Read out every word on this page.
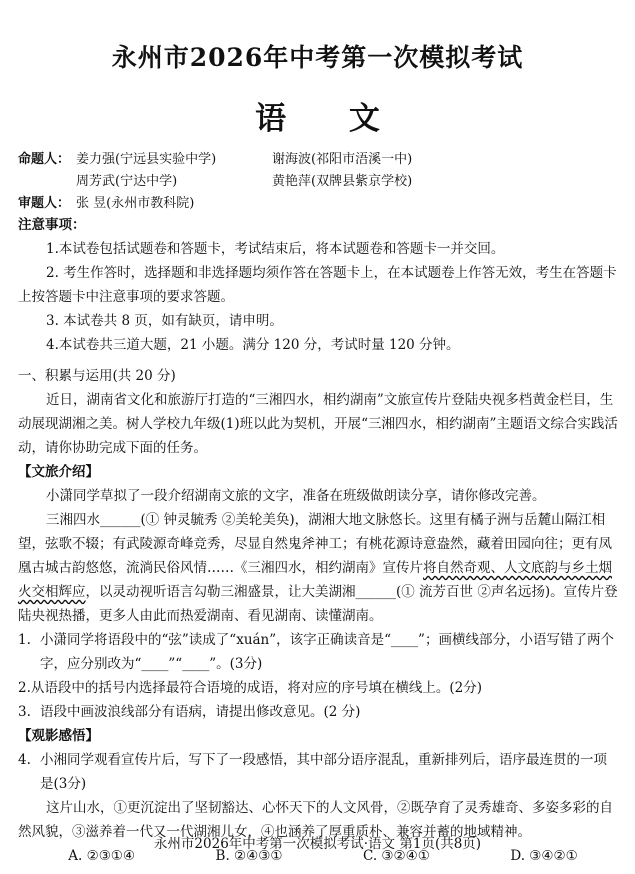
永州市2026年中考第一次模拟考试
语 文
命题人： 姜力强(宁远县实验中学)	谢海波(祁阳市浯溪一中)
周芳武(宁达中学)	黄艳萍(双牌县紫京学校)
审题人： 张 昱(永州市教科院)

注意事项：

1.本试卷包括试题卷和答题卡，考试结束后，将本试题卷和答题卡一并交回。

2. 考生作答时，选择题和非选择题均须作答在答题卡上，在本试题卷上作答无效，考生在答题卡上按答题卡中注意事项的要求答题。

3. 本试卷共 8 页，如有缺页，请申明。

4.本试卷共三道大题，21 小题。满分 120 分，考试时量 120 分钟。

一、积累与运用(共 20 分)

近日，湖南省文化和旅游厅打造的“三湘四水，相约湖南”文旅宣传片登陆央视多档黄金栏目，生动展现湖湘之美。树人学校九年级(1)班以此为契机，开展“三湘四水，相约湖南”主题语文综合实践活动，请你协助完成下面的任务。

【文旅介绍】

小潇同学草拟了一段介绍湖南文旅的文字，准备在班级做朗读分享，请你修改完善。

三湘四水______(① 钟灵毓秀 ②美轮美奂)，湖湘大地文脉悠长。这里有橘子洲与岳麓山隔江相望，弦歌不辍；有武陵源奇峰竞秀，尽显自然鬼斧神工；有桃花源诗意盎然，藏着田园向往；更有凤凰古城古韵悠悠，流淌民俗风情……《三湘四水，相约湖南》宣传片将自然奇观、人文底韵与乡土烟火交相辉应，以灵动视听语言勾勒三湘盛景，让大美湖湘______(① 流芳百世 ②声名远扬)。宣传片登陆央视热播，更多人由此而热爱湖南、看见湖南、读懂湖南。

1. 小潇同学将语段中的“弦”读成了“xuán”，该字正确读音是“____”；画横线部分，小语写错了两个字，应分别改为“____”“____”。(3分)

2.从语段中的括号内选择最符合语境的成语，将对应的序号填在横线上。(2分)

3. 语段中画波浪线部分有语病，请提出修改意见。(2 分)

【观影感悟】

4. 小湘同学观看宣传片后，写下了一段感悟，其中部分语序混乱，重新排列后，语序最连贯的一项是(3分)

这片山水，①更沉淀出了坚韧豁达、心怀天下的人文风骨，②既孕育了灵秀雄奇、多姿多彩的自然风貌，③滋养着一代又一代湖湘儿女，④也涵养了厚重质朴、兼容并蓄的地域精神。

A. ②③①④	B. ②④③①	C. ③②④①	D. ③④②①
永州市2026年中考第一次模拟考试·语文 第1页(共8页)
